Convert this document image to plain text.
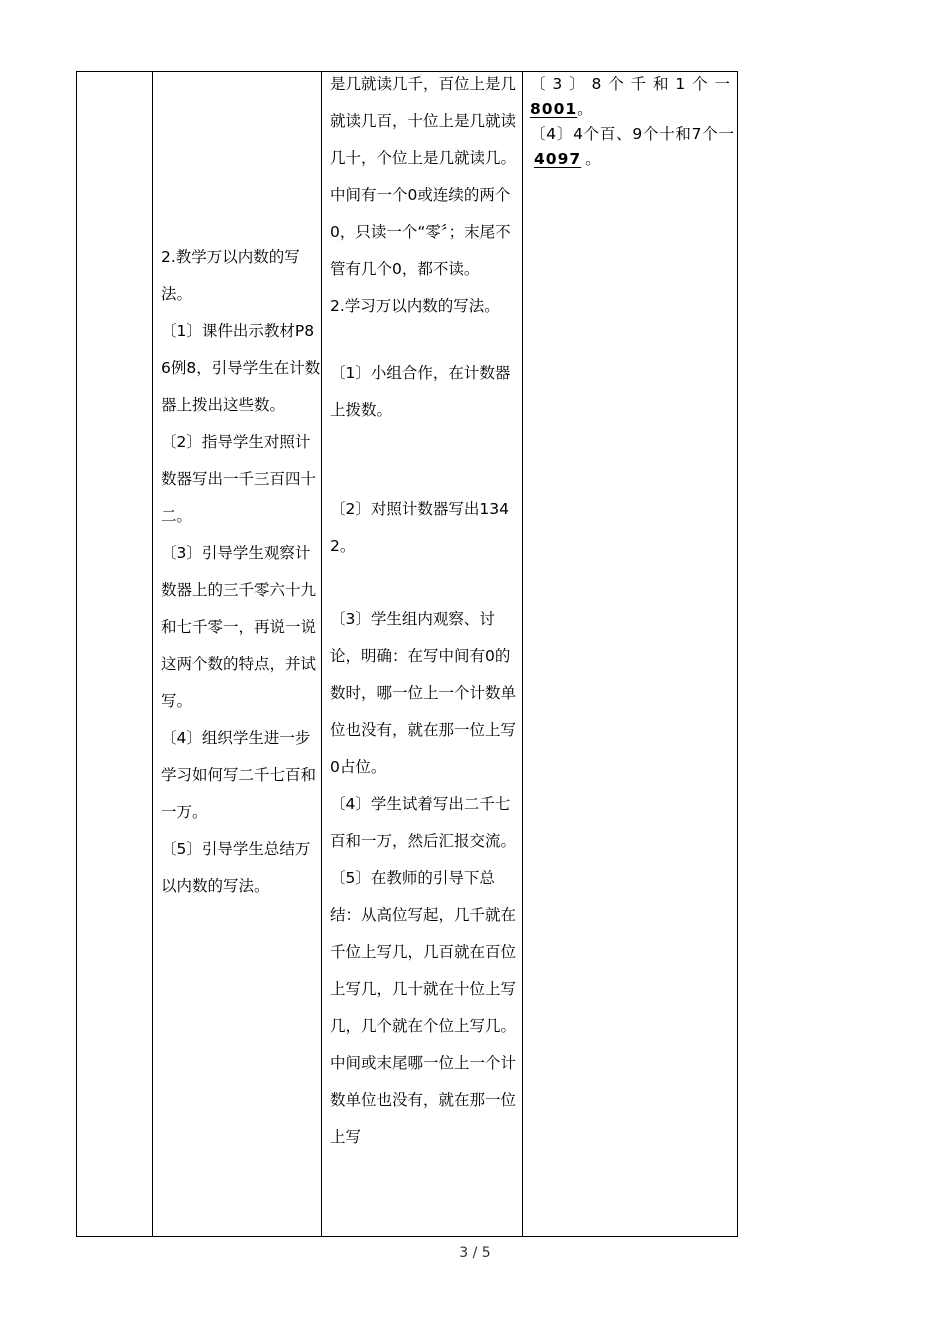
2.教学万以内数的写法。

〔1〕课件出示教材P86例8，引导学生在计数器上拨出这些数。

〔2〕指导学生对照计数器写出一千三百四十二。

〔3〕引导学生观察计数器上的三千零六十九和七千零一，再说一说这两个数的特点，并试写。

〔4〕组织学生进一步学习如何写二千七百和一万。

〔5〕引导学生总结万以内数的写法。

是几就读几千，百位上是几就读几百，十位上是几就读几十，个位上是几就读几。中间有一个0或连续的两个0，只读一个“零〞；末尾不管有几个0，都不读。

2.学习万以内数的写法。

〔1〕小组合作，在计数器上拨数。

〔2〕对照计数器写出1342。

〔3〕学生组内观察、讨论，明确：在写中间有0的数时，哪一位上一个计数单位也没有，就在那一位上写0占位。

〔4〕学生试着写出二千七百和一万，然后汇报交流。

〔5〕在教师的引导下总结：从高位写起，几千就在千位上写几，几百就在百位上写几，几十就在十位上写几，几个就在个位上写几。中间或末尾哪一位上一个计数单位也没有，就在那一位上写

〔3〕8个千和1个一8001。

〔4〕4个百、9个十和7个一4097 。

3 / 5
